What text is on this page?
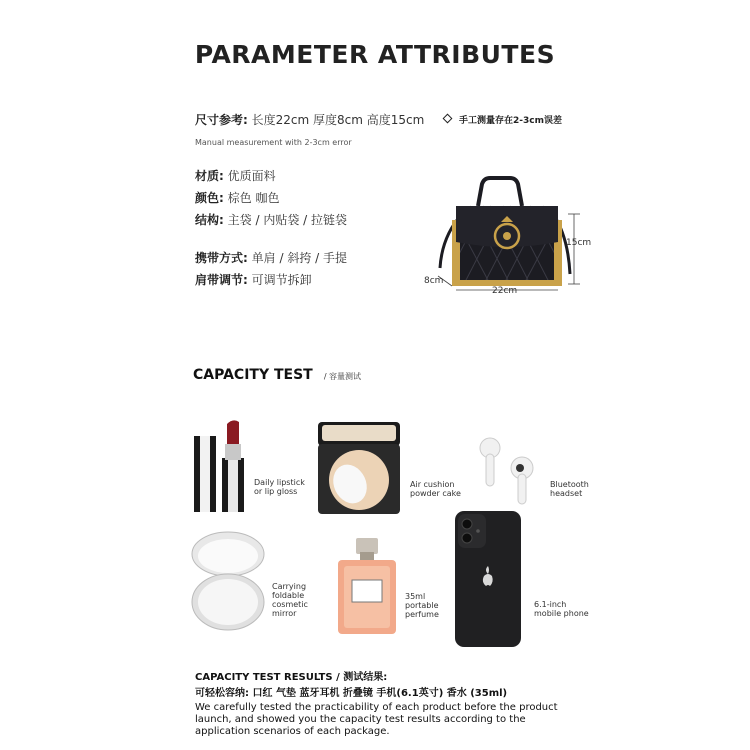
PARAMETER ATTRIBUTES
尺寸参考: 长度22cm 厚度8cm 高度15cm	手工测量存在2-3cm误差
Manual measurement with 2-3cm error
材质: 优质面料
颜色: 棕色 咖色
结构: 主袋 / 内贴袋 / 拉链袋
携带方式: 单肩 / 斜挎 / 手提
肩带调节: 可调节拆卸
15cm
8cm
22cm
CAPACITY TEST / 容量测试
Daily lipstick
or lip gloss
Air cushion
powder cake
Bluetooth
headset
Carrying
foldable
cosmetic
mirror
35ml
portable
perfume
6.1-inch
mobile phone
CAPACITY TEST RESULTS / 测试结果:
可轻松容纳: 口红 气垫 蓝牙耳机 折叠镜 手机(6.1英寸) 香水 (35ml)
We carefully tested the practicability of each product before the product launch, and showed you the capacity test results according to the application scenarios of each package.
